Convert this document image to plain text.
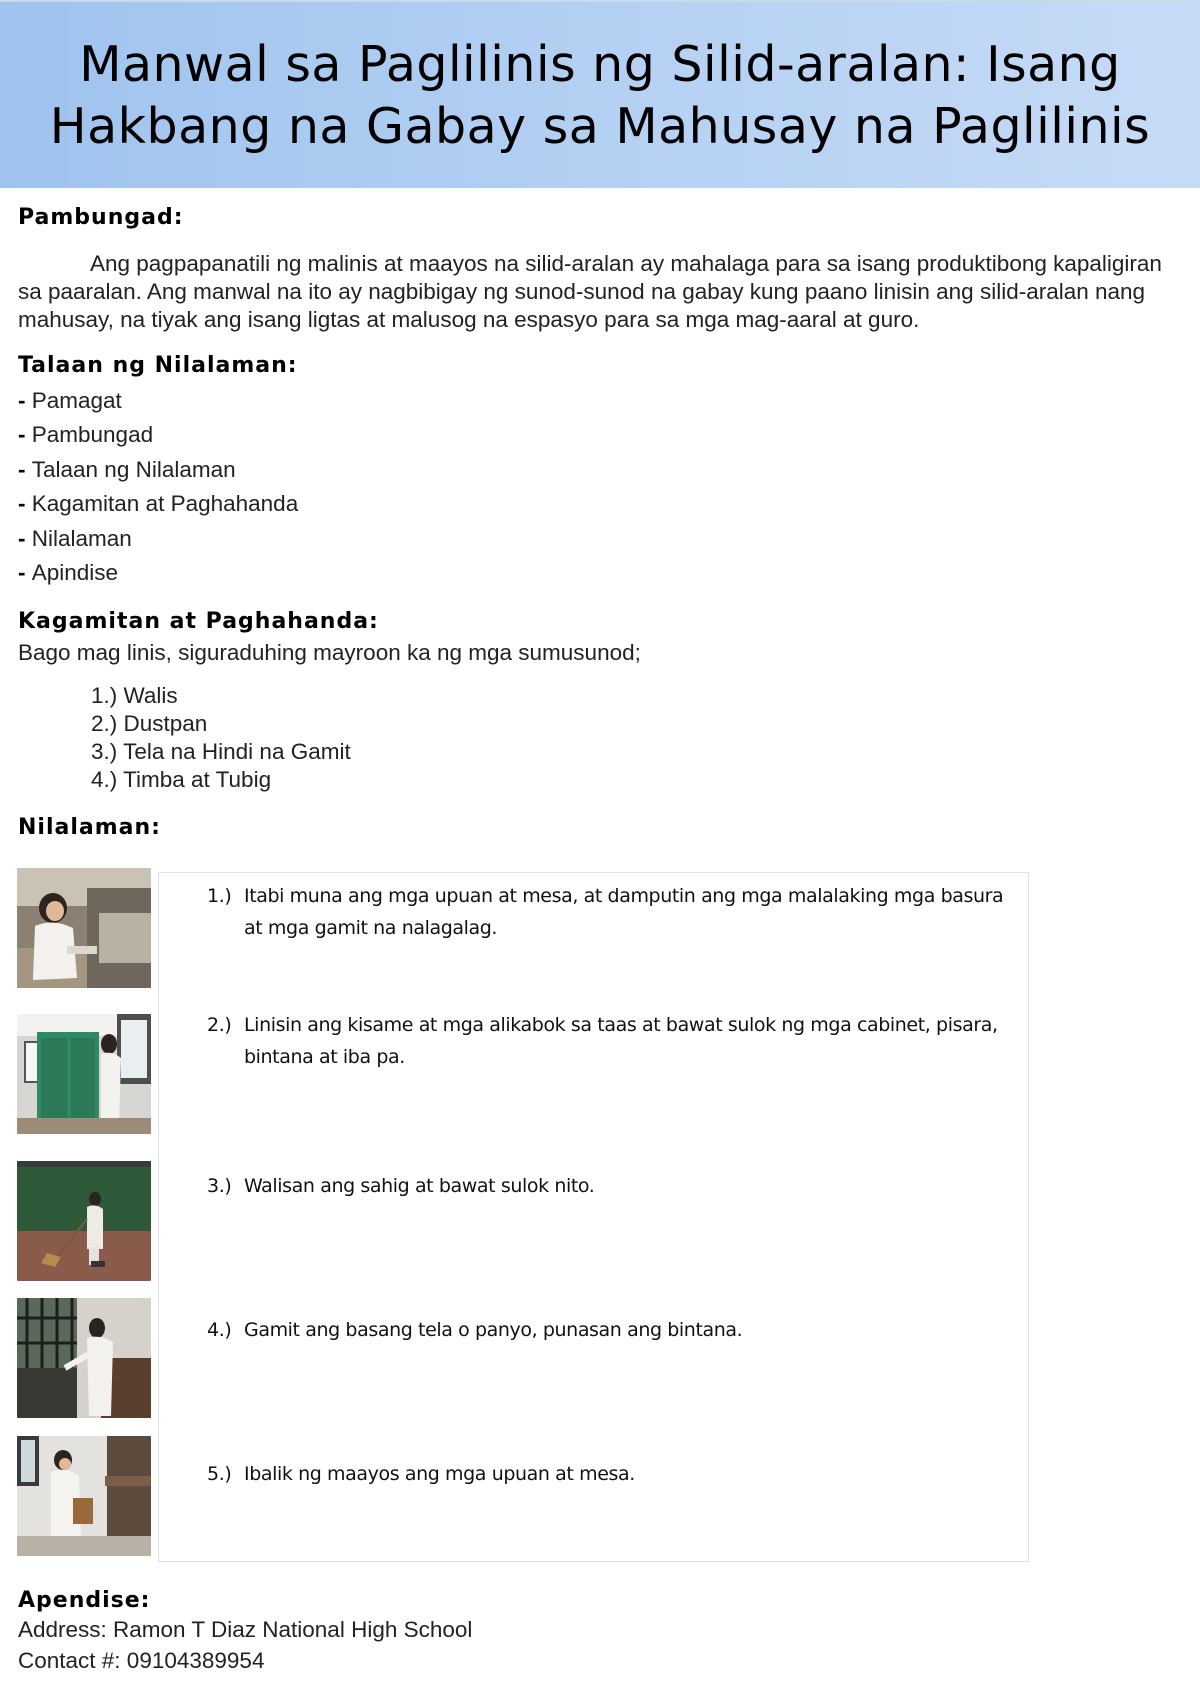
Manwal sa Paglilinis ng Silid-aralan: Isang Hakbang na Gabay sa Mahusay na Paglilinis
Pambungad:

Ang pagpapanatili ng malinis at maayos na silid-aralan ay mahalaga para sa isang produktibong kapaligiran sa paaralan. Ang manwal na ito ay nagbibigay ng sunod-sunod na gabay kung paano linisin ang silid-aralan nang mahusay, na tiyak ang isang ligtas at malusog na espasyo para sa mga mag-aaral at guro.

Talaan ng Nilalaman:
- Pamagat
- Pambungad
- Talaan ng Nilalaman
- Kagamitan at Paghahanda
- Nilalaman
- Apindise
Kagamitan at Paghahanda:

Bago mag linis, siguraduhing mayroon ka ng mga sumusunod;

1.) Walis
2.) Dustpan
3.) Tela na Hindi na Gamit
4.) Timba at Tubig
Nilalaman:
1.) Itabi muna ang mga upuan at mesa, at damputin ang mga malalaking mga basura at mga gamit na nalagalag.
2.) Linisin ang kisame at mga alikabok sa taas at bawat sulok ng mga cabinet, pisara, bintana at iba pa.
3.) Walisan ang sahig at bawat sulok nito.
4.) Gamit ang basang tela o panyo, punasan ang bintana.
5.) Ibalik ng maayos ang mga upuan at mesa.
Apendise:

Address: Ramon T Diaz National High School

Contact #: 09104389954
